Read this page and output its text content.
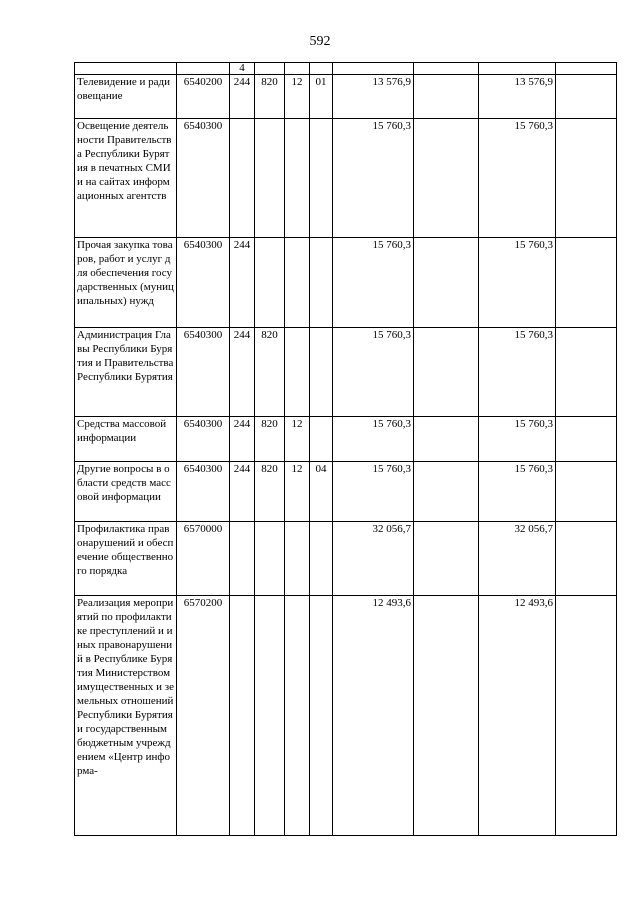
592
		4							
Телевидение и радиовещание	6540200	244	820	12	01	13 576,9		13 576,9	
Освещение деятельности Правительства Республики Бурятия в печатных СМИ и на сайтах информационных агентств	6540300					15 760,3		15 760,3	
Прочая закупка товаров, работ и услуг для обеспечения государственных (муниципальных) нужд	6540300	244				15 760,3		15 760,3	
Администрация Главы Республики Бурятия и Правительства Республики Бурятия	6540300	244	820			15 760,3		15 760,3	
Средства массовой информации	6540300	244	820	12		15 760,3		15 760,3	
Другие вопросы в области средств массовой информации	6540300	244	820	12	04	15 760,3		15 760,3	
Профилактика правонарушений и обеспечение общественного порядка	6570000					32 056,7		32 056,7	
Реализация мероприятий по профилактике преступлений и иных правонарушений в Республике Бурятия Министерством имущественных и земельных отношений Республики Бурятия и государственным бюджетным учреждением «Центр информа-	6570200					12 493,6		12 493,6	
